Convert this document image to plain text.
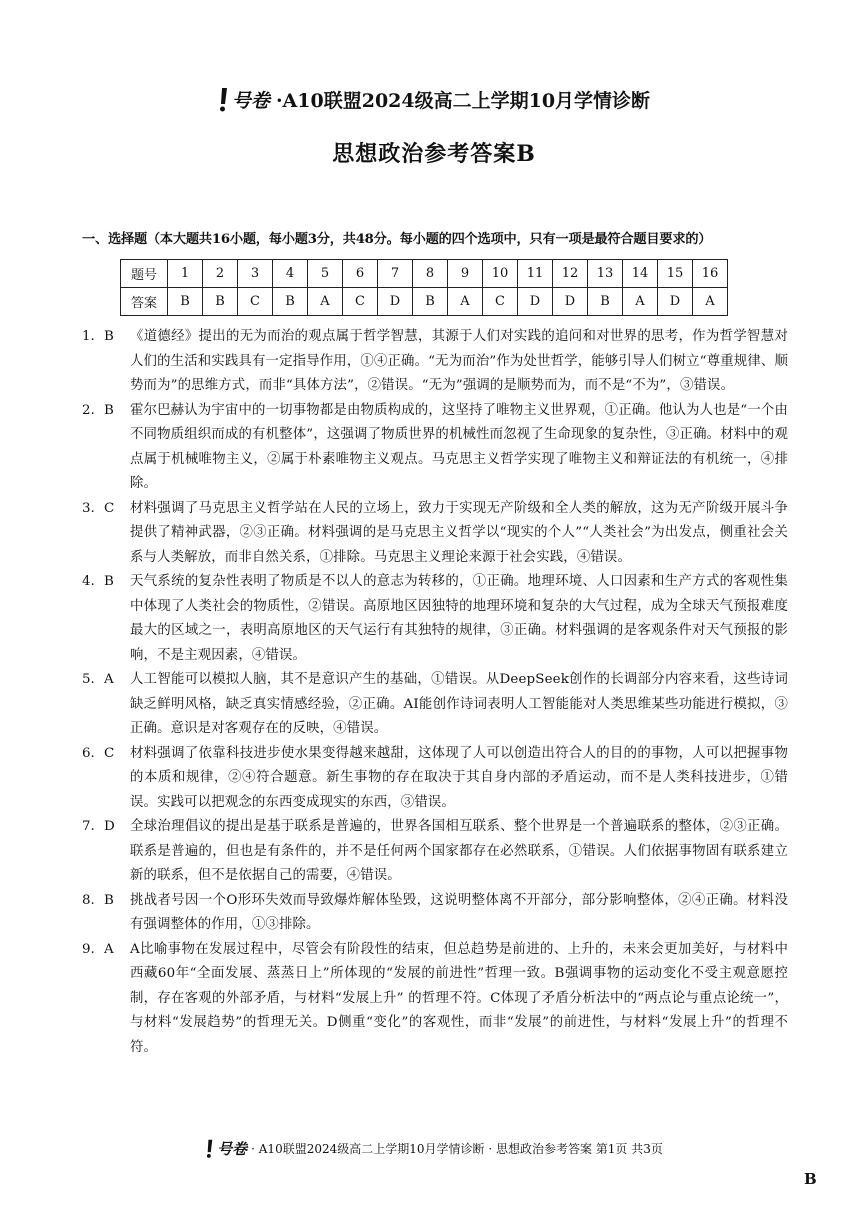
号卷 ·A10联盟2024级高二上学期10月学情诊断
思想政治参考答案B
一、选择题（本大题共16小题，每小题3分，共48分。每小题的四个选项中，只有一项是最符合题目要求的）
题号	1	2	3	4	5	6	7	8	9	10	11	12	13	14	15	16
答案	B	B	C	B	A	C	D	B	A	C	D	D	B	A	D	A
1. B	《道德经》提出的无为而治的观点属于哲学智慧，其源于人们对实践的追问和对世界的思考，作为哲学智慧对人们的生活和实践具有一定指导作用，①④正确。“无为而治”作为处世哲学，能够引导人们树立“尊重规律、顺势而为”的思维方式，而非“具体方法”，②错误。“无为”强调的是顺势而为，而不是“不为”，③错误。
2. B	霍尔巴赫认为宇宙中的一切事物都是由物质构成的，这坚持了唯物主义世界观，①正确。他认为人也是“一个由不同物质组织而成的有机整体”，这强调了物质世界的机械性而忽视了生命现象的复杂性，③正确。材料中的观点属于机械唯物主义，②属于朴素唯物主义观点。马克思主义哲学实现了唯物主义和辩证法的有机统一，④排除。
3. C	材料强调了马克思主义哲学站在人民的立场上，致力于实现无产阶级和全人类的解放，这为无产阶级开展斗争提供了精神武器，②③正确。材料强调的是马克思主义哲学以“现实的个人”“人类社会”为出发点，侧重社会关系与人类解放，而非自然关系，①排除。马克思主义理论来源于社会实践，④错误。
4. B	天气系统的复杂性表明了物质是不以人的意志为转移的，①正确。地理环境、人口因素和生产方式的客观性集中体现了人类社会的物质性，②错误。高原地区因独特的地理环境和复杂的大气过程，成为全球天气预报难度最大的区域之一，表明高原地区的天气运行有其独特的规律，③正确。材料强调的是客观条件对天气预报的影响，不是主观因素，④错误。
5. A	人工智能可以模拟人脑，其不是意识产生的基础，①错误。从DeepSeek创作的长调部分内容来看，这些诗词缺乏鲜明风格，缺乏真实情感经验，②正确。AI能创作诗词表明人工智能能对人类思维某些功能进行模拟，③正确。意识是对客观存在的反映，④错误。
6. C	材料强调了依靠科技进步使水果变得越来越甜，这体现了人可以创造出符合人的目的的事物，人可以把握事物的本质和规律，②④符合题意。新生事物的存在取决于其自身内部的矛盾运动，而不是人类科技进步，①错误。实践可以把观念的东西变成现实的东西，③错误。
7. D	全球治理倡议的提出是基于联系是普遍的，世界各国相互联系、整个世界是一个普遍联系的整体，②③正确。联系是普遍的，但也是有条件的，并不是任何两个国家都存在必然联系，①错误。人们依据事物固有联系建立新的联系，但不是依据自己的需要，④错误。
8. B	挑战者号因一个O形环失效而导致爆炸解体坠毁，这说明整体离不开部分，部分影响整体，②④正确。材料没有强调整体的作用，①③排除。
9. A	A比喻事物在发展过程中，尽管会有阶段性的结束，但总趋势是前进的、上升的，未来会更加美好，与材料中西藏60年“全面发展、蒸蒸日上”所体现的“发展的前进性”哲理一致。B强调事物的运动变化不受主观意愿控制，存在客观的外部矛盾，与材料“发展上升” 的哲理不符。C体现了矛盾分析法中的“两点论与重点论统一”，与材料“发展趋势”的哲理无关。D侧重“变化”的客观性，而非“发展”的前进性，与材料“发展上升”的哲理不符。
号卷 · A10联盟2024级高二上学期10月学情诊断 · 思想政治参考答案 第1页 共3页
B
